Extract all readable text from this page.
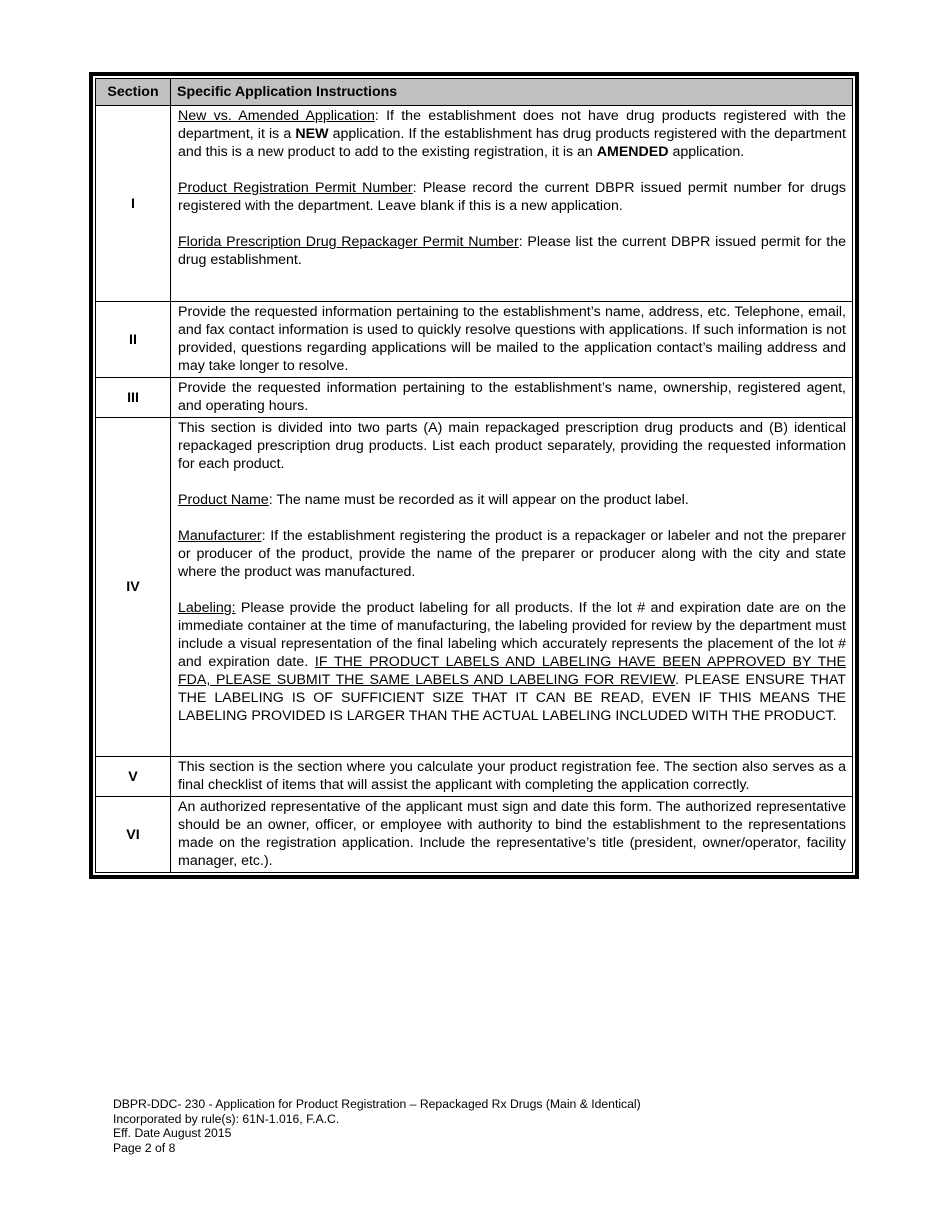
Section	Specific Application Instructions
I	New vs. Amended Application: If the establishment does not have drug products registered with the department, it is a NEW application. If the establishment has drug products registered with the department and this is a new product to add to the existing registration, it is an AMENDED application.

Product Registration Permit Number: Please record the current DBPR issued permit number for drugs registered with the department. Leave blank if this is a new application.

Florida Prescription Drug Repackager Permit Number: Please list the current DBPR issued permit for the drug establishment.

II	Provide the requested information pertaining to the establishment’s name, address, etc. Telephone, email, and fax contact information is used to quickly resolve questions with applications. If such information is not provided, questions regarding applications will be mailed to the application contact’s mailing address and may take longer to resolve.

III	Provide the requested information pertaining to the establishment’s name, ownership, registered agent, and operating hours.

IV	This section is divided into two parts (A) main repackaged prescription drug products and (B) identical repackaged prescription drug products. List each product separately, providing the requested information for each product.

Product Name: The name must be recorded as it will appear on the product label.

Manufacturer: If the establishment registering the product is a repackager or labeler and not the preparer or producer of the product, provide the name of the preparer or producer along with the city and state where the product was manufactured.

Labeling: Please provide the product labeling for all products. If the lot # and expiration date are on the immediate container at the time of manufacturing, the labeling provided for review by the department must include a visual representation of the final labeling which accurately represents the placement of the lot # and expiration date. IF THE PRODUCT LABELS AND LABELING HAVE BEEN APPROVED BY THE FDA, PLEASE SUBMIT THE SAME LABELS AND LABELING FOR REVIEW. PLEASE ENSURE THAT THE LABELING IS OF SUFFICIENT SIZE THAT IT CAN BE READ, EVEN IF THIS MEANS THE LABELING PROVIDED IS LARGER THAN THE ACTUAL LABELING INCLUDED WITH THE PRODUCT.

V	This section is the section where you calculate your product registration fee. The section also serves as a final checklist of items that will assist the applicant with completing the application correctly.

VI	An authorized representative of the applicant must sign and date this form. The authorized representative should be an owner, officer, or employee with authority to bind the establishment to the representations made on the registration application. Include the representative’s title (president, owner/operator, facility manager, etc.).

DBPR-DDC- 230 - Application for Product Registration – Repackaged Rx Drugs (Main & Identical)
Incorporated by rule(s): 61N-1.016, F.A.C.
Eff. Date August 2015
Page 2 of 8
